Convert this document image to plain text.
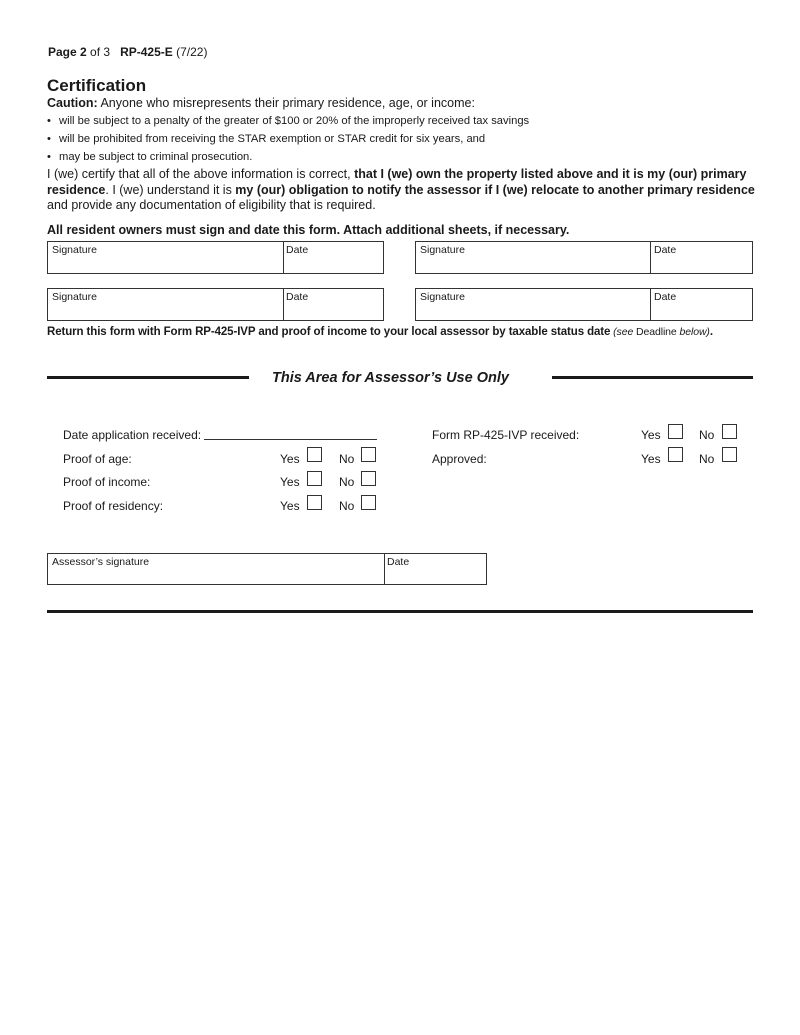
Page 2 of 3 RP-425-E (7/22)
Certification
Caution: Anyone who misrepresents their primary residence, age, or income:
• will be subject to a penalty of the greater of $100 or 20% of the improperly received tax savings
• will be prohibited from receiving the STAR exemption or STAR credit for six years, and
• may be subject to criminal prosecution.
I (we) certify that all of the above information is correct, that I (we) own the property listed above and it is my (our) primary residence. I (we) understand it is my (our) obligation to notify the assessor if I (we) relocate to another primary residence and provide any documentation of eligibility that is required.
All resident owners must sign and date this form. Attach additional sheets, if necessary.
Signature	Date	Signature	Date
Signature	Date	Signature	Date
Return this form with Form RP-425-IVP and proof of income to your local assessor by taxable status date (see Deadline below).
This Area for Assessor’s Use Only
Date application received:
Proof of age:	Yes	No
Proof of income:	Yes	No
Proof of residency:	Yes	No
Form RP-425-IVP received:	Yes	No
Approved:	Yes	No
Assessor’s signature	Date
